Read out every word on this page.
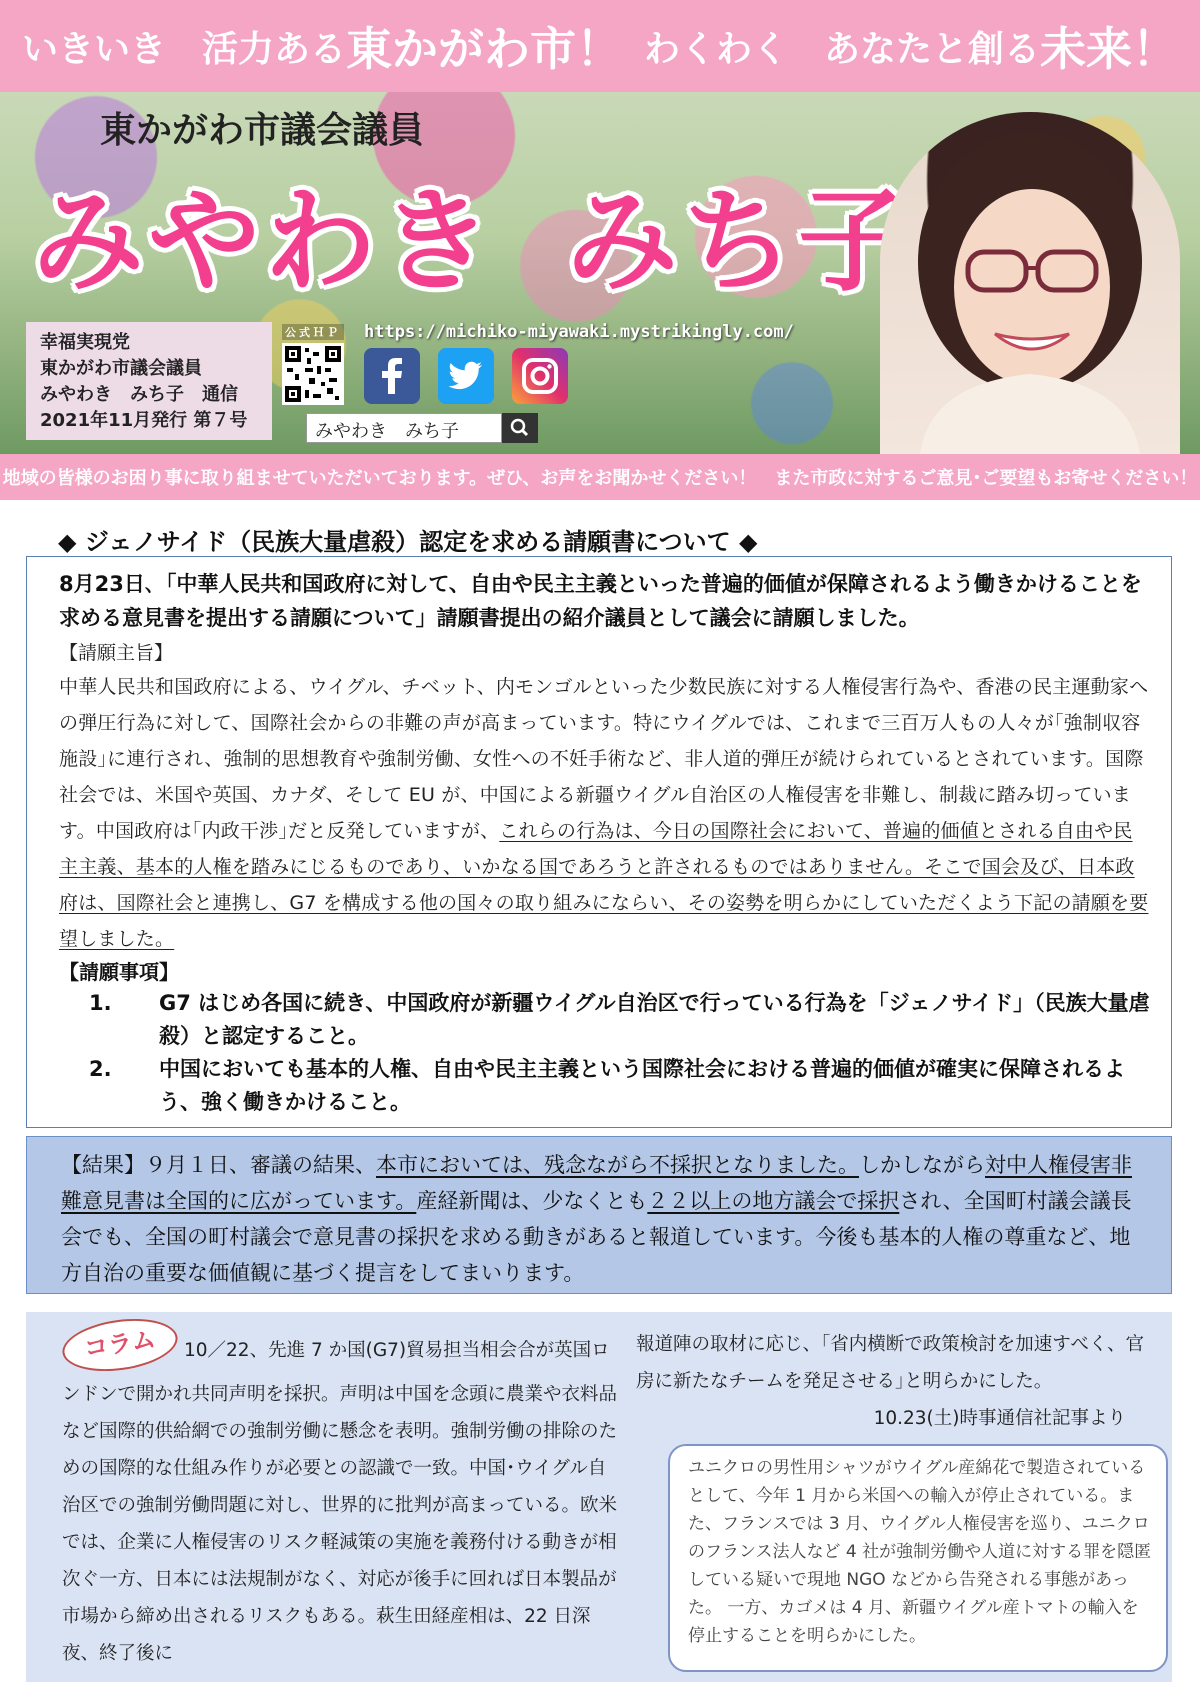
いきいき　活力ある 東かがわ市！ わくわく　あなたと創る 未来！
東かがわ市議会議員
みやわき みち子
幸福実現党
東かがわ市議会議員
みやわき　みち子　通信
2021年11月発行 第７号
公式ＨＰ https://michiko-miyawaki.mystrikingly.com/
みやわき　みち子
地域の皆様のお困り事に取り組ませていただいております。ぜひ、お声をお聞かせください！　また市政に対するご意見･ご要望もお寄せください！
◆ ジェノサイド（民族大量虐殺）認定を求める請願書について ◆
8月23日､「中華人民共和国政府に対して、自由や民主主義といった普遍的価値が保障されるよう働きかけることを求める意見書を提出する請願について」請願書提出の紹介議員として議会に請願しました。
【請願主旨】
中華人民共和国政府による、ウイグル、チベット、内モンゴルといった少数民族に対する人権侵害行為や、香港の民主運動家への弾圧行為に対して、国際社会からの非難の声が高まっています。特にウイグルでは、これまで三百万人もの人々が｢強制収容施設｣に連行され、強制的思想教育や強制労働、女性への不妊手術など、非人道的弾圧が続けられているとされています。国際社会では、米国や英国、カナダ、そして EU が、中国による新疆ウイグル自治区の人権侵害を非難し、制裁に踏み切っています。中国政府は｢内政干渉｣だと反発していますが、これらの行為は、今日の国際社会において、普遍的価値とされる自由や民主主義、基本的人権を踏みにじるものであり、いかなる国であろうと許されるものではありません。そこで国会及び、日本政府は、国際社会と連携し、G7 を構成する他の国々の取り組みにならい、その姿勢を明らかにしていただくよう下記の請願を要望しました。
【請願事項】
1.	G7 はじめ各国に続き、中国政府が新疆ウイグル自治区で行っている行為を「ジェノサイド」（民族大量虐殺）と認定すること。
2.	中国においても基本的人権、自由や民主主義という国際社会における普遍的価値が確実に保障されるよう、強く働きかけること。
【結果】９月１日、審議の結果、本市においては、残念ながら不採択となりました。しかしながら対中人権侵害非難意見書は全国的に広がっています。産経新聞は、少なくとも２２以上の地方議会で採択され、全国町村議会議長会でも、全国の町村議会で意見書の採択を求める動きがあると報道しています。今後も基本的人権の尊重など、地方自治の重要な価値観に基づく提言をしてまいります。
コラム 10／22、先進 7 か国(G7)貿易担当相会合が英国ロンドンで開かれ共同声明を採択。声明は中国を念頭に農業や衣料品など国際的供給網での強制労働に懸念を表明。強制労働の排除のための国際的な仕組み作りが必要との認識で一致。中国･ウイグル自治区での強制労働問題に対し、世界的に批判が高まっている。欧米では、企業に人権侵害のリスク軽減策の実施を義務付ける動きが相次ぐ一方、日本には法規制がなく、対応が後手に回れば日本製品が市場から締め出されるリスクもある。萩生田経産相は、22 日深夜、終了後に
報道陣の取材に応じ、｢省内横断で政策検討を加速すべく、官房に新たなチームを発足させる｣と明らかにした。
10.23(土)時事通信社記事より
ユニクロの男性用シャツがウイグル産綿花で製造されているとして、今年 1 月から米国への輸入が停止されている。また、フランスでは 3 月、ウイグル人権侵害を巡り、ユニクロのフランス法人など 4 社が強制労働や人道に対する罪を隠匿している疑いで現地 NGO などから告発される事態があった。 一方、カゴメは 4 月、新疆ウイグル産トマトの輸入を停止することを明らかにした。
